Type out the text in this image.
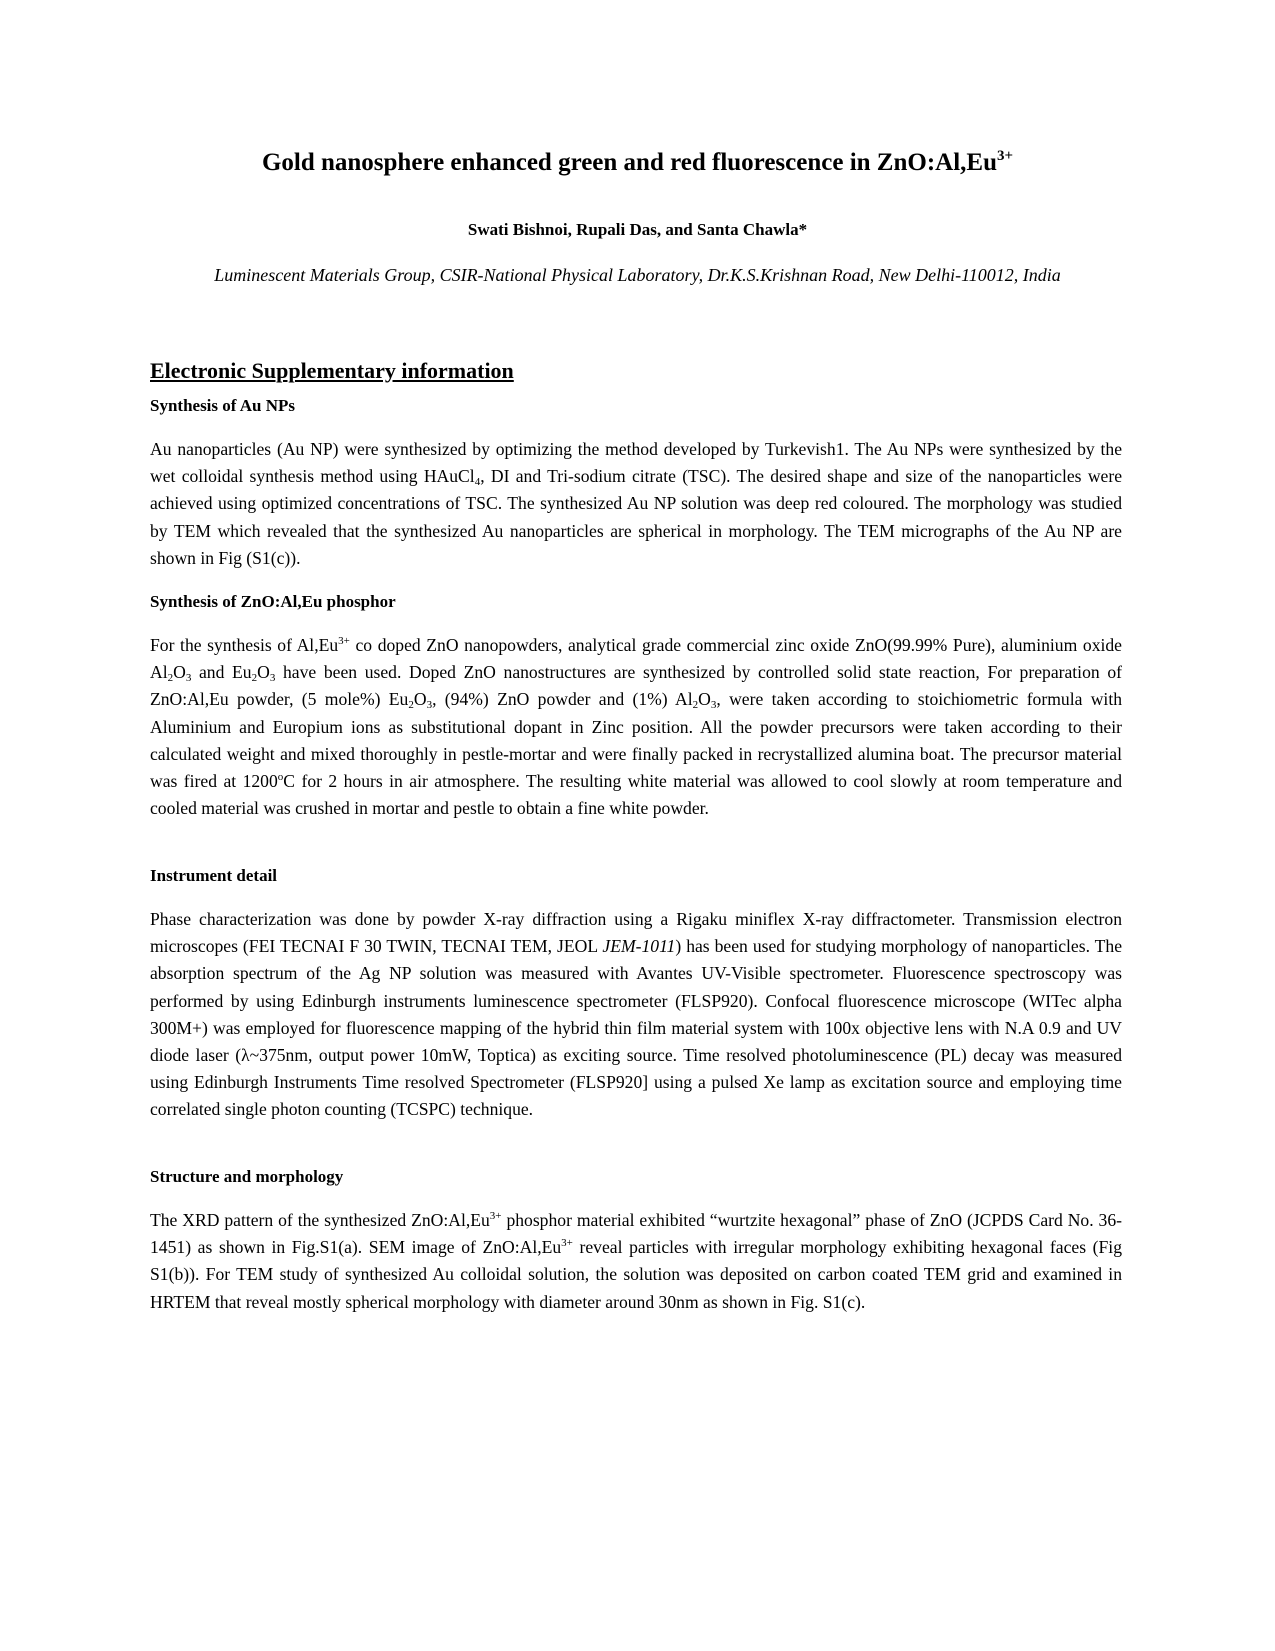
Gold nanosphere enhanced green and red fluorescence in $ZnO:Al,Eu^{3+}$
Swati Bishnoi, Rupali Das, and Santa Chawla*
Luminescent Materials Group, CSIR-National Physical Laboratory, Dr.K.S.Krishnan Road, New Delhi-110012, India
Electronic Supplementary information
Synthesis of Au NPs
Au nanoparticles (Au NP) were synthesized by optimizing the method developed by Turkevish1. The Au NPs were synthesized by the wet colloidal synthesis method using HAuCl$_4$, DI and Tri-sodium citrate (TSC). The desired shape and size of the nanoparticles were achieved using optimized concentrations of TSC. The synthesized Au NP solution was deep red coloured. The morphology was studied by TEM which revealed that the synthesized Au nanoparticles are spherical in morphology. The TEM micrographs of the Au NP are shown in Fig (S1(c)).
Synthesis of ZnO:Al,Eu phosphor
For the synthesis of $Al,Eu^{3+}$ co doped ZnO nanopowders, analytical grade commercial zinc oxide ZnO(99.99% Pure), aluminium oxide $Al_2O_3$ and $Eu_2O_3$ have been used. Doped ZnO nanostructures are synthesized by controlled solid state reaction, For preparation of ZnO:Al,Eu powder, (5 mole%) $Eu_2O_3$, (94%) ZnO powder and (1%) $Al_2O_3$, were taken according to stoichiometric formula with Aluminium and Europium ions as substitutional dopant in Zinc position. All the powder precursors were taken according to their calculated weight and mixed thoroughly in pestle-mortar and were finally packed in recrystallized alumina boat. The precursor material was fired at 1200$^o$C for 2 hours in air atmosphere. The resulting white material was allowed to cool slowly at room temperature and cooled material was crushed in mortar and pestle to obtain a fine white powder.
Instrument detail
Phase characterization was done by powder X-ray diffraction using a Rigaku miniflex X-ray diffractometer. Transmission electron microscopes (FEI TECNAI F 30 TWIN, TECNAI TEM, JEOL JEM-1011) has been used for studying morphology of nanoparticles. The absorption spectrum of the Ag NP solution was measured with Avantes UV-Visible spectrometer. Fluorescence spectroscopy was performed by using Edinburgh instruments luminescence spectrometer (FLSP920). Confocal fluorescence microscope (WITec alpha 300M+) was employed for fluorescence mapping of the hybrid thin film material system with 100x objective lens with N.A 0.9 and UV diode laser (λ~375nm, output power 10mW, Toptica) as exciting source. Time resolved photoluminescence (PL) decay was measured using Edinburgh Instruments Time resolved Spectrometer (FLSP920] using a pulsed Xe lamp as excitation source and employing time correlated single photon counting (TCSPC) technique.
Structure and morphology
The XRD pattern of the synthesized $ZnO:Al,Eu^{3+}$ phosphor material exhibited “wurtzite hexagonal” phase of ZnO (JCPDS Card No. 36-1451) as shown in Fig.S1(a). SEM image of $ZnO:Al,Eu^{3+}$ reveal particles with irregular morphology exhibiting hexagonal faces (Fig S1(b)). For TEM study of synthesized Au colloidal solution, the solution was deposited on carbon coated TEM grid and examined in HRTEM that reveal mostly spherical morphology with diameter around 30nm as shown in Fig. S1(c).
